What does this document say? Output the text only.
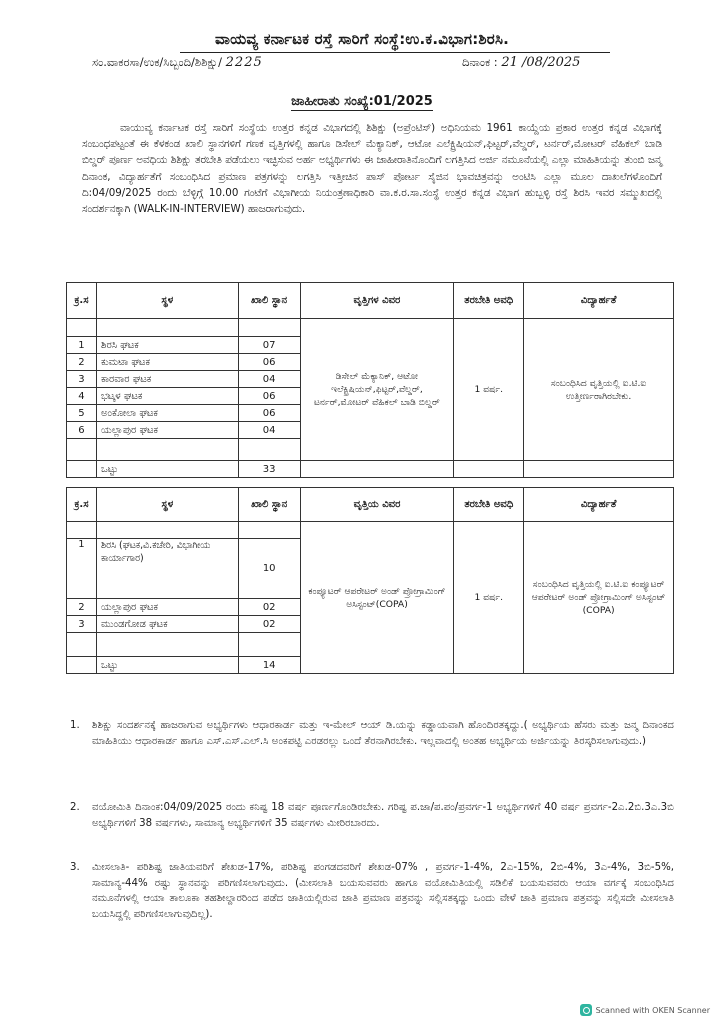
ವಾಯವ್ಯ ಕರ್ನಾಟಕ ರಸ್ತೆ ಸಾರಿಗೆ ಸಂಸ್ಥೆ:ಉ.ಕ.ವಿಭಾಗ:ಶಿರಸಿ.
ಸಂ.ವಾಕರಸಾ/ಉಕ/ಸಿಬ್ಬಂದಿ/ಶಿಶಿಕ್ಷು/ 2225	ದಿನಾಂಕ : 21 /08/2025
ಜಾಹೀರಾತು ಸಂಖ್ಯೆ:01/2025
ವಾಯುವ್ಯ ಕರ್ನಾಟಕ ರಸ್ತೆ ಸಾರಿಗೆ ಸಂಸ್ಥೆಯ ಉತ್ತರ ಕನ್ನಡ ವಿಭಾಗದಲ್ಲಿ ಶಿಶಿಕ್ಷು (ಅಪ್ರೆಂಟಿಸ್) ಅಧಿನಿಯಮ 1961 ಕಾಯ್ದೆಯ ಪ್ರಕಾರ ಉತ್ತರ ಕನ್ನಡ ವಿಭಾಗಕ್ಕೆ ಸಂಬಂಧಪಟ್ಟಂತೆ ಈ ಕೆಳಕಂಡ ಖಾಲಿ ಸ್ಥಾನಗಳಿಗೆ ಗಣಕ ವೃತ್ತಿಗಳಲ್ಲಿ ಹಾಗೂ ಡಿಸೇಲ್ ಮೆಕ್ಯಾನಿಕ್, ಆಟೋ ಎಲೆಕ್ಟ್ರಿಷಿಯನ್,ಫಿಟ್ಟರ್,ವೆಲ್ಡರ್, ಟರ್ನರ್,ಮೋಟರ್ ವೆಹಿಕಲ್ ಬಾಡಿ ಬಿಲ್ಡರ್ ಪೂರ್ಣ ಅವಧಿಯ ಶಿಶಿಕ್ಷು ತರಬೇತಿ ಪಡೆಯಲು ಇಚ್ಛಿಸುವ ಅರ್ಹ ಅಭ್ಯರ್ಥಿಗಳು ಈ ಜಾಹೀರಾತಿನೊಂದಿಗೆ ಲಗತ್ತಿಸಿದ ಅರ್ಜಿ ನಮೂನೆಯಲ್ಲಿ ಎಲ್ಲಾ ಮಾಹಿತಿಯನ್ನು ತುಂಬಿ ಜನ್ಮ ದಿನಾಂಕ, ವಿದ್ಯಾರ್ಹತೆಗೆ ಸಂಬಂಧಿಸಿದ ಪ್ರಮಾಣ ಪತ್ರಗಳನ್ನು ಲಗತ್ತಿಸಿ ಇತ್ತೀಚಿನ ಪಾಸ್ ಪೋರ್ಟ ಸೈಜಿನ ಭಾವಚಿತ್ರವನ್ನು ಅಂಟಿಸಿ ಎಲ್ಲಾ ಮೂಲ ದಾಖಲೆಗಳೊಂದಿಗೆ ದಿ:04/09/2025 ರಂದು ಬೆಳ್ಳಿಗ್ಗೆ 10.00 ಗಂಟೆಗೆ ವಿಭಾಗೀಯ ನಿಯಂತ್ರಣಾಧಿಕಾರಿ ವಾ.ಕ.ರ.ಸಾ.ಸಂಸ್ಥೆ ಉತ್ತರ ಕನ್ನಡ ವಿಭಾಗ ಹುಬ್ಬಳ್ಳಿ ರಸ್ತೆ ಶಿರಸಿ ಇವರ ಸಮ್ಮುಖದಲ್ಲಿ ಸಂದರ್ಶನಕ್ಕಾಗಿ (WALK-IN-INTERVIEW) ಹಾಜರಾಗುವುದು.
ಕ್ರ.ಸ	ಸ್ಥಳ	ಖಾಲಿ ಸ್ಥಾನ	ವೃತ್ತಿಗಳ ವಿವರ	ತರಬೇತಿ ಅವಧಿ	ವಿದ್ಯಾರ್ಹತೆ
			ಡಿಸೇಲ್ ಮೆಕ್ಯಾನಿಕ್, ಆಟೋ ಇಲೆಕ್ಟ್ರಿಷಿಯನ್,ಫಿಟ್ಟರ್,ವೆಲ್ಡರ್, ಟರ್ನರ್,ಮೋಟರ್ ವೆಹಿಕಲ್ ಬಾಡಿ ಬಿಲ್ಡರ್	1 ವರ್ಷ.	ಸಂಬಂಧಿಸಿದ ವೃತ್ತಿಯಲ್ಲಿ ಐ.ಟಿ.ಐ ಉತ್ತೀರ್ಣರಾಗಿರಬೇಕು.
1	ಶಿರಸಿ ಘಟಕ	07			
2	ಕುಮಟಾ ಘಟಕ	06			
3	ಕಾರವಾರ ಘಟಕ	04			
4	ಭಟ್ಕಳ ಘಟಕ	06			
5	ಅಂಕೋಲಾ ಘಟಕ	06			
6	ಯಲ್ಲಾಪುರ ಘಟಕ	04			

	ಒಟ್ಟು	33			
ಕ್ರ.ಸ	ಸ್ಥಳ	ಖಾಲಿ ಸ್ಥಾನ	ವೃತ್ತಿಯ ವಿವರ	ತರಬೇತಿ ಅವಧಿ	ವಿದ್ಯಾರ್ಹತೆ
			ಕಂಪ್ಯೂಟರ್ ಆಪರೇಟರ್ ಅಂಡ್ ಪ್ರೋಗ್ರಾಮಿಂಗ್ ಅಸಿಸ್ಟಂಟ್(COPA)	1 ವರ್ಷ.	ಸಂಬಂಧಿಸಿದ ವೃತ್ತಿಯಲ್ಲಿ ಐ.ಟಿ.ಐ ಕಂಪ್ಯೂಟರ್ ಆಪರೇಟರ್ ಅಂಡ್ ಪ್ರೋಗ್ರಾಮಿಂಗ್ ಅಸಿಸ್ಟಂಟ್ (COPA)
1	ಶಿರಸಿ (ಘಟಕ,ವಿ.ಕಚೇರಿ, ವಿಭಾಗೀಯ ಕಾರ್ಯಾಗಾರ)	10			
2	ಯಲ್ಲಾಪುರ ಘಟಕ	02			
3	ಮುಂಡಗೋಡ ಘಟಕ	02			

	ಒಟ್ಟು	14			
1. ಶಿಶಿಕ್ಷು ಸಂದರ್ಶನಕ್ಕೆ ಹಾಜರಾಗುವ ಅಭ್ಯರ್ಥಿಗಳು ಆಧಾರಕಾರ್ಡ ಮತ್ತು ಇ-ಮೇಲ್ ಆಯ್ ಡಿ.ಯನ್ನು ಕಡ್ಡಾಯವಾಗಿ ಹೊಂದಿರತಕ್ಕದ್ದು.( ಅಭ್ಯರ್ಥಿಯ ಹೆಸರು ಮತ್ತು ಜನ್ಮ ದಿನಾಂಕದ ಮಾಹಿತಿಯು ಆಧಾರಕಾರ್ಡ ಹಾಗೂ ಎಸ್.ಎಸ್.ಎಲ್.ಸಿ ಅಂಕಪಟ್ಟಿ ಎರಡರಲ್ಲು ಒಂದೆ ತೆರನಾಗಿರಬೇಕು. ಇಲ್ಲವಾದಲ್ಲಿ ಅಂತಹ ಅಭ್ಯರ್ಥಿಯ ಅರ್ಜಿಯನ್ನು ತಿರಸ್ಕರಿಸಲಾಗುವುದು.)
2. ವಯೋಮಿತಿ ದಿನಾಂಕ:04/09/2025 ರಂದು ಕನಿಷ್ಟ 18 ವರ್ಷ ಪೂರ್ಣಗೊಂಡಿರಬೇಕು. ಗರಿಷ್ಟ ಪ.ಜಾ/ಪ.ಪಂ/ಪ್ರವರ್ಗ-1 ಅಭ್ಯರ್ಥಿಗಳಿಗೆ 40 ವರ್ಷ ಪ್ರವರ್ಗ-2ಎ.2ಬಿ.3ಎ.3ಬಿ ಅಭ್ಯರ್ಥಿಗಳಿಗೆ 38 ವರ್ಷಗಳು, ಸಾಮಾನ್ಯ ಅಭ್ಯರ್ಥಿಗಳಿಗೆ 35 ವರ್ಷಗಳು ಮೀರಿರಬಾರದು.
3. ಮೀಸಲಾತಿ- ಪರಿಶಿಷ್ಟ ಜಾತಿಯವರಿಗೆ ಶೇಖಡ-17%, ಪರಿಶಿಷ್ಟ ಪಂಗಡದವರಿಗೆ ಶೇಖಡ-07% , ಪ್ರವರ್ಗ-1-4%, 2ಎ-15%, 2ಬಿ-4%, 3ಎ-4%, 3ಬಿ-5%, ಸಾಮಾನ್ಯ-44% ರಷ್ಟು ಸ್ಥಾನವನ್ನು ಪರಿಗಣಿಸಲಾಗುವುದು. (ಮೀಸಲಾತಿ ಬಯಸುವವರು ಹಾಗೂ ವಯೋಮಿತಿಯಲ್ಲಿ ಸಡಿಲಿಕೆ ಬಯಸುವವರು ಆಯಾ ವರ್ಗಕ್ಕೆ ಸಂಬಂಧಿಸಿದ ನಮೂನೆಗಳಲ್ಲಿ ಆಯಾ ತಾಲೂಕಾ ತಹಶೀಲ್ದಾರರಿಂದ ಪಡೆದ ಜಾತಿಯಲ್ಲಿರುವ ಜಾತಿ ಪ್ರಮಾಣ ಪತ್ರವನ್ನು ಸಲ್ಲಿಸತಕ್ಕದ್ದು ಒಂದು ವೇಳೆ ಜಾತಿ ಪ್ರಮಾಣ ಪತ್ರವನ್ನು ಸಲ್ಲಿಸದೇ ಮೀಸಲಾತಿ ಬಯಸಿದ್ದಲ್ಲಿ ಪರಿಗಣಿಸಲಾಗುವುದಿಲ್ಲ).
Scanned with OKEN Scanner
